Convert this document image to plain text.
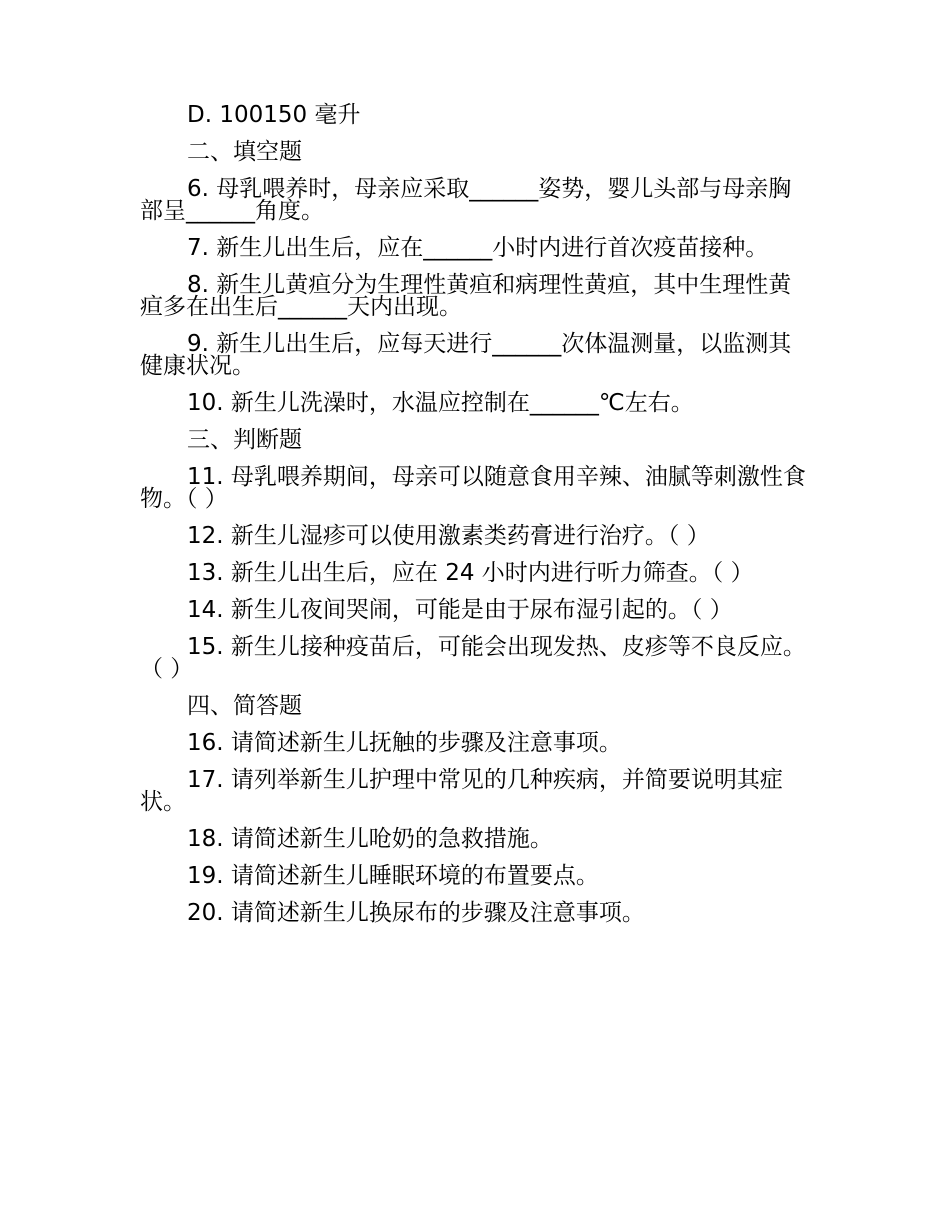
D. 100150 毫升

二、填空题

6. 母乳喂养时，母亲应采取______姿势，婴儿头部与母亲胸部呈______角度。

7. 新生儿出生后，应在______小时内进行首次疫苗接种。

8. 新生儿黄疸分为生理性黄疸和病理性黄疸，其中生理性黄疸多在出生后______天内出现。

9. 新生儿出生后，应每天进行______次体温测量，以监测其健康状况。

10. 新生儿洗澡时，水温应控制在______℃左右。

三、判断题

11. 母乳喂养期间，母亲可以随意食用辛辣、油腻等刺激性食物。（ ）

12. 新生儿湿疹可以使用激素类药膏进行治疗。（ ）

13. 新生儿出生后，应在 24 小时内进行听力筛查。（ ）

14. 新生儿夜间哭闹，可能是由于尿布湿引起的。（ ）

15. 新生儿接种疫苗后，可能会出现发热、皮疹等不良反应。（ ）

四、简答题

16. 请简述新生儿抚触的步骤及注意事项。

17. 请列举新生儿护理中常见的几种疾病，并简要说明其症状。

18. 请简述新生儿呛奶的急救措施。

19. 请简述新生儿睡眠环境的布置要点。

20. 请简述新生儿换尿布的步骤及注意事项。
